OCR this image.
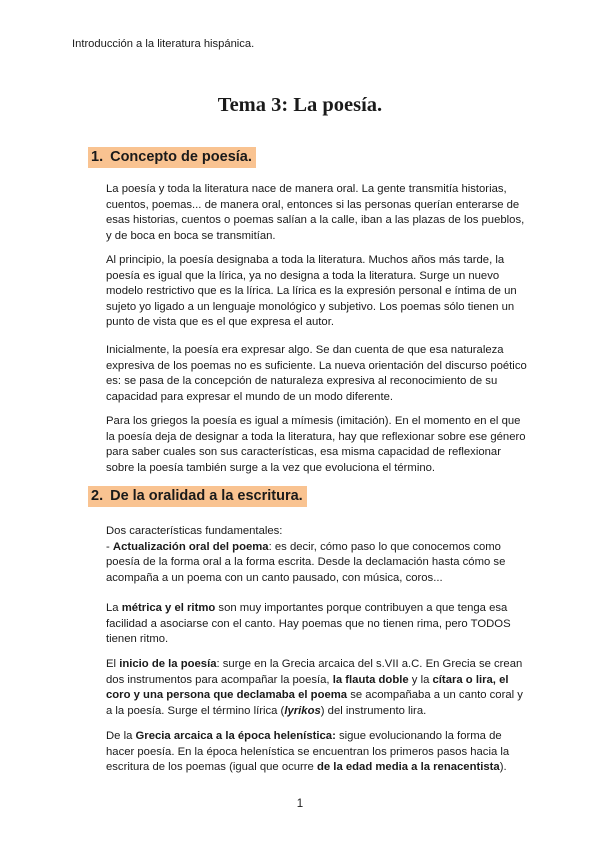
Introducción a la literatura hispánica.
Tema 3: La poesía.
1. Concepto de poesía.

La poesía y toda la literatura nace de manera oral. La gente transmitía historias, cuentos, poemas... de manera oral, entonces si las personas querían enterarse de esas historias, cuentos o poemas salían a la calle, iban a las plazas de los pueblos, y de boca en boca se transmitían.

Al principio, la poesía designaba a toda la literatura. Muchos años más tarde, la poesía es igual que la lírica, ya no designa a toda la literatura. Surge un nuevo modelo restrictivo que es la lírica. La lírica es la expresión personal e íntima de un sujeto yo ligado a un lenguaje monológico y subjetivo. Los poemas sólo tienen un punto de vista que es el que expresa el autor.

Inicialmente, la poesía era expresar algo. Se dan cuenta de que esa naturaleza expresiva de los poemas no es suficiente. La nueva orientación del discurso poético es: se pasa de la concepción de naturaleza expresiva al reconocimiento de su capacidad para expresar el mundo de un modo diferente.

Para los griegos la poesía es igual a mímesis (imitación). En el momento en el que la poesía deja de designar a toda la literatura, hay que reflexionar sobre ese género para saber cuales son sus características, esa misma capacidad de reflexionar sobre la poesía también surge a la vez que evoluciona el término.

2. De la oralidad a la escritura.

Dos características fundamentales:
- Actualización oral del poema: es decir, cómo paso lo que conocemos como poesía de la forma oral a la forma escrita. Desde la declamación hasta cómo se acompaña a un poema con un canto pausado, con música, coros...

La métrica y el ritmo son muy importantes porque contribuyen a que tenga esa facilidad a asociarse con el canto. Hay poemas que no tienen rima, pero TODOS tienen ritmo.

El inicio de la poesía: surge en la Grecia arcaica del s.VII a.C. En Grecia se crean dos instrumentos para acompañar la poesía, la flauta doble y la cítara o lira, el coro y una persona que declamaba el poema se acompañaba a un canto coral y a la poesía. Surge el término lírica (lyrikos) del instrumento lira.

De la Grecia arcaica a la época helenística: sigue evolucionando la forma de hacer poesía. En la época helenística se encuentran los primeros pasos hacia la escritura de los poemas (igual que ocurre de la edad media a la renacentista).

1
